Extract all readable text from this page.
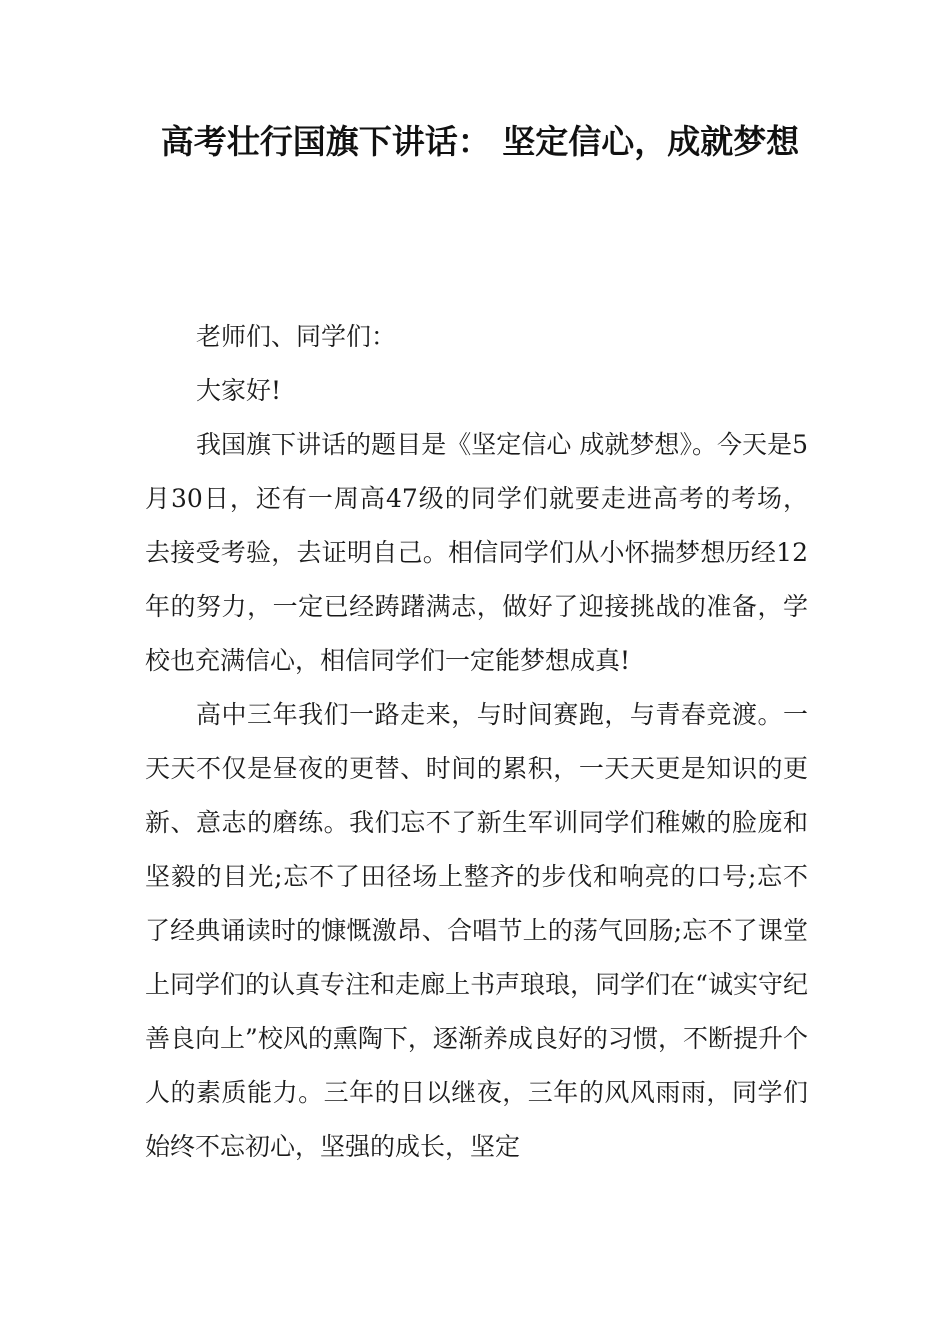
高考壮行国旗下讲话： 坚定信心，成就梦想

老师们、同学们：

大家好!

我国旗下讲话的题目是《坚定信心 成就梦想》。今天是5月30日，还有一周高47级的同学们就要走进高考的考场，去接受考验，去证明自己。相信同学们从小怀揣梦想历经12年的努力，一定已经踌躇满志，做好了迎接挑战的准备，学校也充满信心，相信同学们一定能梦想成真!

高中三年我们一路走来，与时间赛跑，与青春竞渡。一天天不仅是昼夜的更替、时间的累积，一天天更是知识的更新、意志的磨练。我们忘不了新生军训同学们稚嫩的脸庞和坚毅的目光;忘不了田径场上整齐的步伐和响亮的口号;忘不了经典诵读时的慷慨激昂、合唱节上的荡气回肠;忘不了课堂上同学们的认真专注和走廊上书声琅琅，同学们在“诚实守纪善良向上”校风的熏陶下，逐渐养成良好的习惯，不断提升个人的素质能力。三年的日以继夜，三年的风风雨雨，同学们始终不忘初心，坚强的成长，坚定
